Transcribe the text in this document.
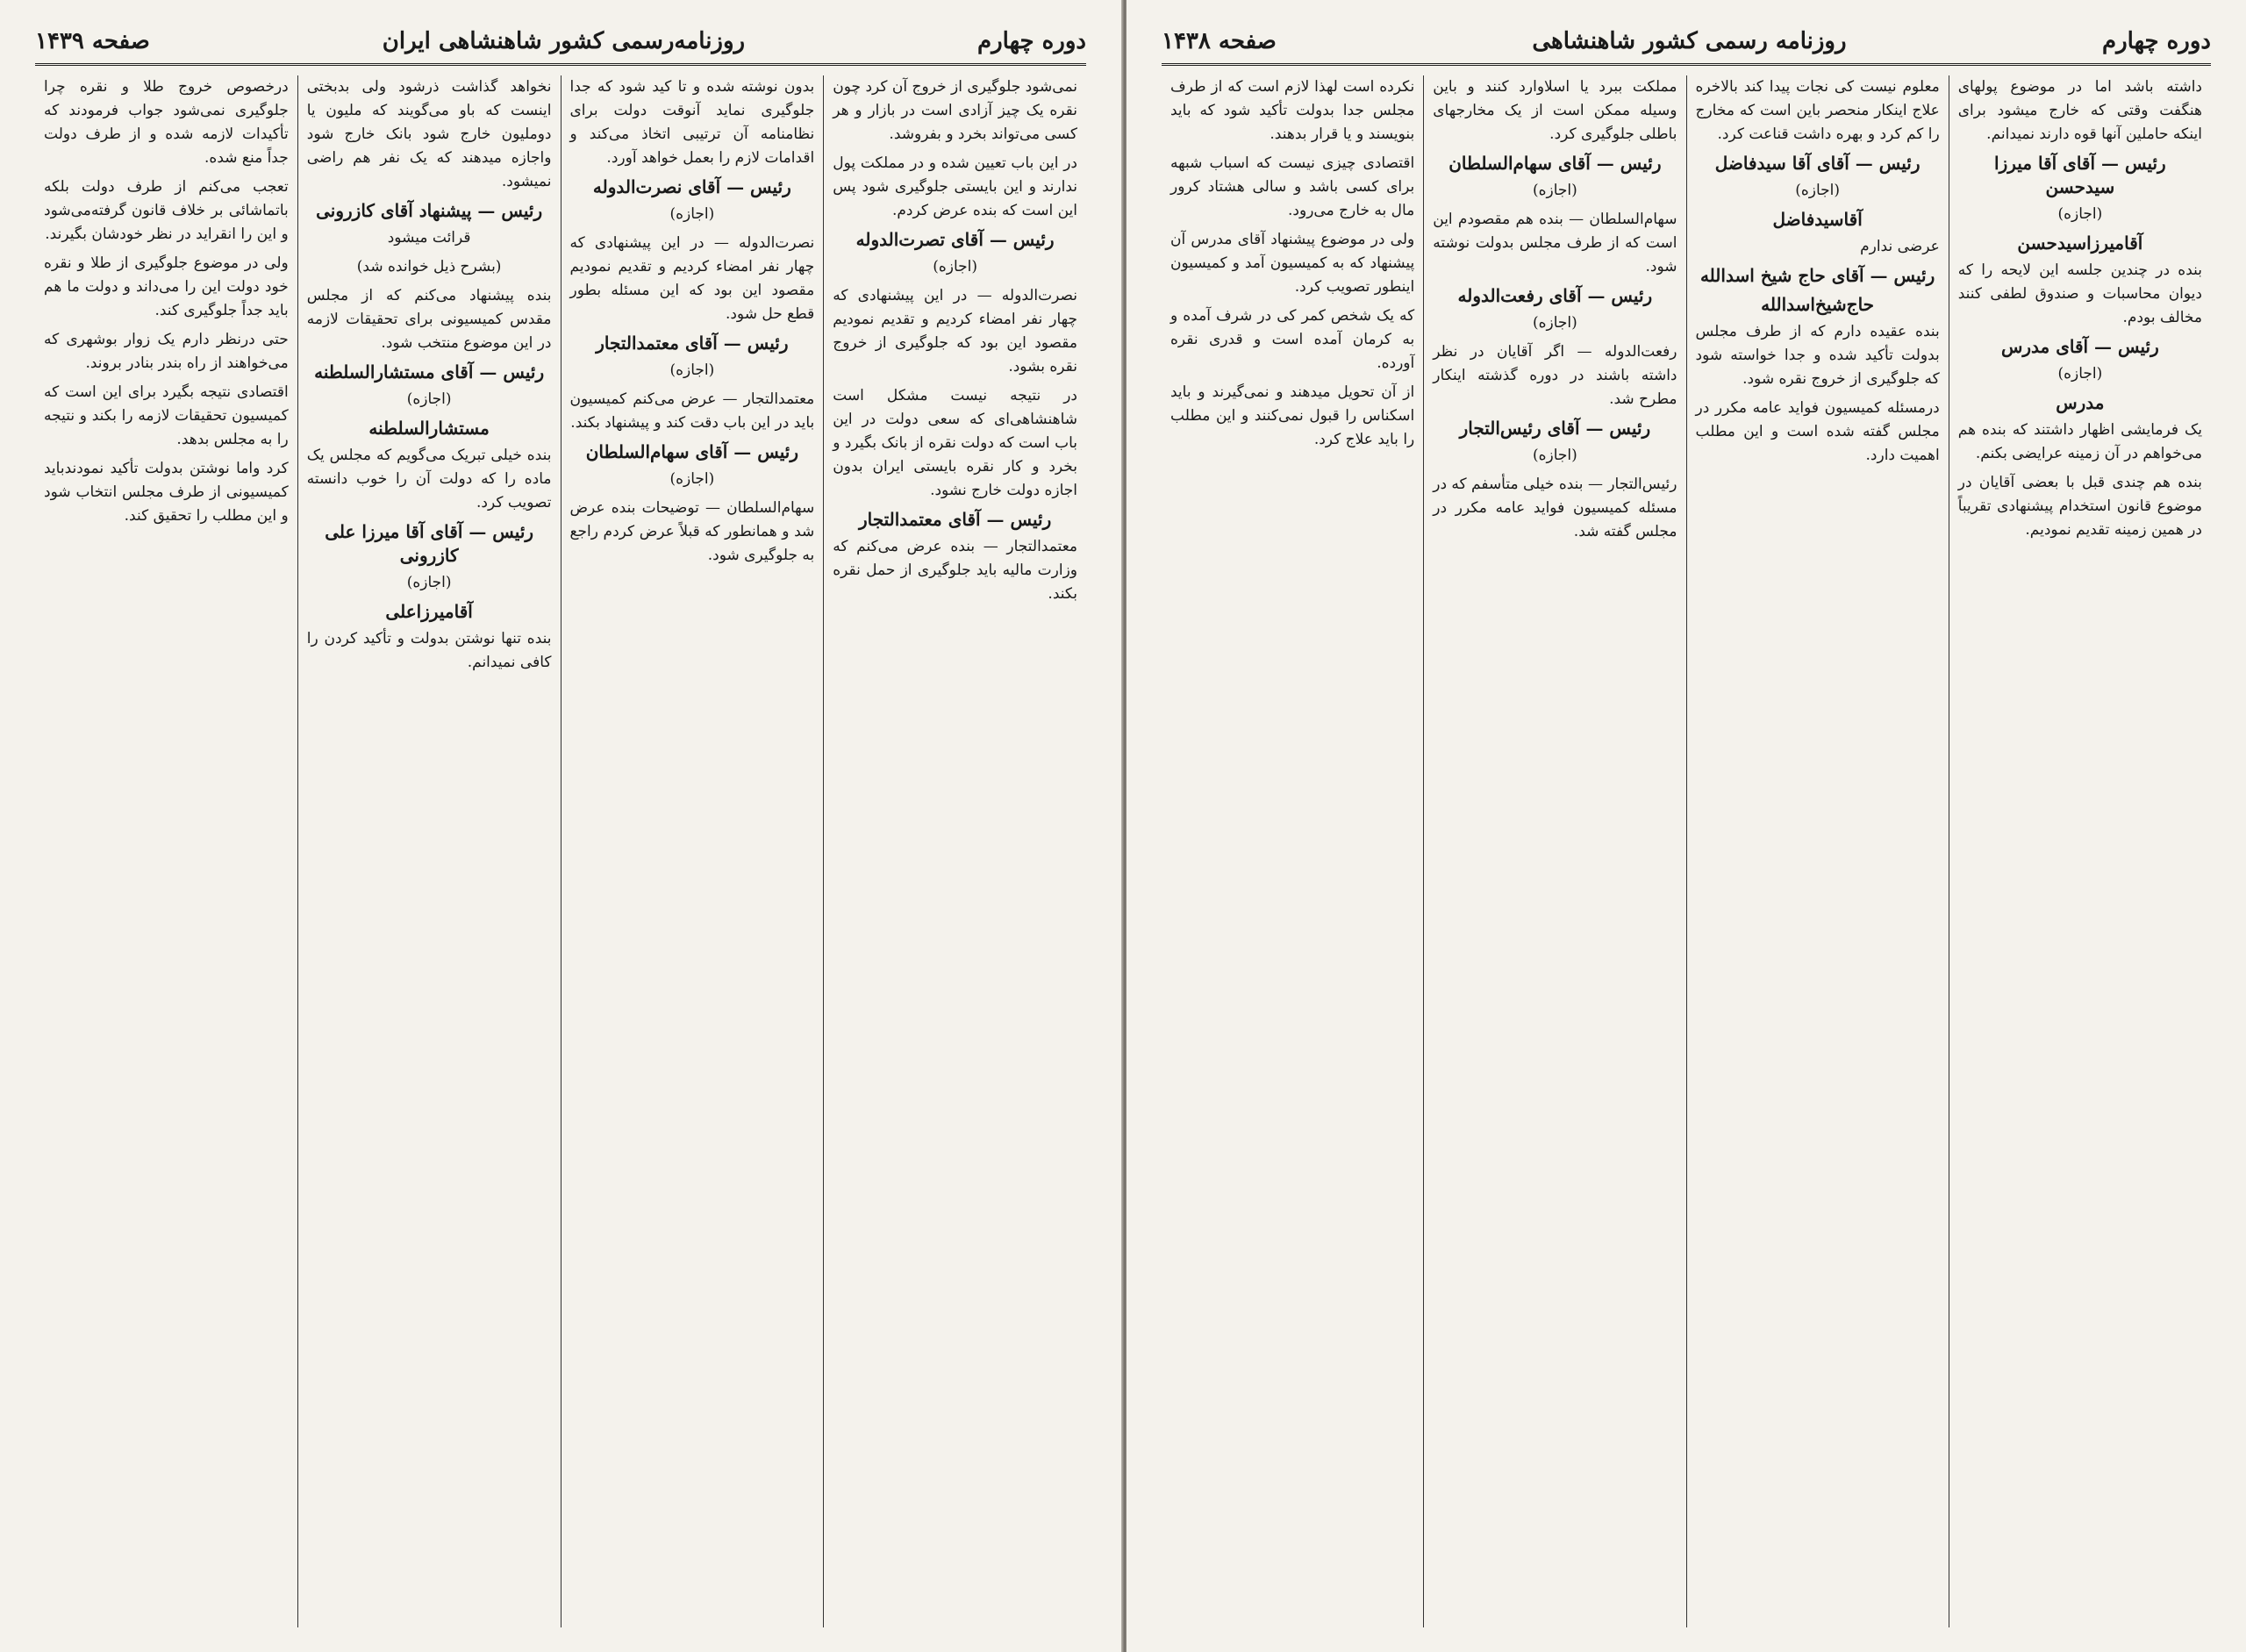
دوره چهارم
روزنامه‌رسمی کشور شاهنشاهی ایران
صفحه ۱۴۳۹

نمی‌شود جلوگیری از خروج آن کرد چون نقره یک چیز آزادی است در بازار و هر کسی می‌تواند بخرد و بفروشد.

در این باب تعیین شده و در مملکت پول ندارند و این بایستی جلوگیری شود پس این است که بنده عرض کردم.

رئیس — آقای تصرت‌الدوله
(اجازه)

نصرت‌الدوله — در این پیشنهادی که چهار نفر امضاء کردیم و تقدیم نمودیم مقصود این بود که جلوگیری از خروج نقره بشود.

در نتیجه نیست مشکل است شاهنشاهی‌ای که سعی دولت در این باب است که دولت نقره از بانک بگیرد و بخرد و کار نقره بایستی ایران بدون اجازه دولت خارج نشود.

رئیس — آقای معتمدالتجار

معتمدالتجار — بنده عرض می‌کنم که وزارت مالیه باید جلوگیری از حمل نقره بکند.

بدون نوشته شده و تا کید شود که جدا جلوگیری نماید آنوقت دولت برای نظامنامه آن ترتیبی اتخاذ می‌کند و اقدامات لازم را بعمل خواهد آورد.

رئیس — آقای نصرت‌الدوله
(اجازه)

نصرت‌الدوله — در این پیشنهادی که چهار نفر امضاء کردیم و تقدیم نمودیم مقصود این بود که این مسئله بطور قطع حل شود.

رئیس — آقای معتمدالتجار
(اجازه)

معتمدالتجار — عرض می‌کنم کمیسیون باید در این باب دقت کند و پیشنهاد بکند.

رئیس — آقای سهام‌السلطان
(اجازه)

سهام‌السلطان — توضیحات بنده عرض شد و همانطور که قبلاً عرض کردم راجع به جلوگیری شود.

نخواهد گذاشت ذرشود ولی بدبختی اینست که باو می‌گویند که ملیون یا دوملیون خارج شود بانک خارج شود واجازه میدهند که یک نفر هم راضی نمیشود.

رئیس — پیشنهاد آقای کازرونی
قرائت میشود
(بشرح ذیل خوانده شد)

بنده پیشنهاد می‌کنم که از مجلس مقدس کمیسیونی برای تحقیقات لازمه در این موضوع منتخب شود.

رئیس — آقای مستشارالسلطنه
(اجازه)
مستشارالسلطنه

بنده خیلی تبریک می‌گویم که مجلس یک ماده را که دولت آن را خوب دانسته تصویب کرد.

رئیس — آقای آقا میرزا علی کازرونی
(اجازه)
آقامیرزاعلی

بنده تنها نوشتن بدولت و تأکید کردن را کافی نمیدانم.

درخصوص خروج طلا و نقره چرا جلوگیری نمی‌شود جواب فرمودند که تأکیدات لازمه شده و از طرف دولت جداً منع شده.

تعجب می‌کنم از طرف دولت بلکه باتماشائی بر خلاف قانون گرفته‌می‌شود و این را انقراید در نظر خود‌شان بگیرند.

ولی در موضوع جلوگیری از طلا و نقره خود دولت این را می‌داند و دولت ما هم باید جداً جلوگیری کند.

حتی درنظر دارم یک زوار بوشهری که می‌خواهند از راه بندر بنادر بروند.

اقتصادی نتیجه بگیرد برای این است که کمیسیون تحقیقات لازمه را بکند و نتیجه را به مجلس بدهد.

کرد واما نوشتن بدولت تأکید نمودندباید کمیسیونی از طرف مجلس انتخاب شود و این مطلب را تحقیق کند.

دوره چهارم
روزنامه رسمی کشور شاهنشاهی
صفحه ۱۴۳۸

داشته باشد اما در موضوع پولهای هنگفت وقتی که خارج میشود برای اینکه حاملین آنها قوه دارند نمیدانم.

رئیس — آقای آقا میرزا سیدحسن
(اجازه)
آقامیرزاسیدحسن

بنده در چندین جلسه این لایحه را که دیوان محاسبات و صندوق لطفی کنند مخالف بودم.

رئیس — آقای مدرس
(اجازه)
مدرس

یک فرمایشی اظهار داشتند که بنده هم می‌خواهم در آن زمینه عرایضی بکنم.

بنده هم چندی قبل با بعضی آقایان در موضوع قانون استخدام پیشنهادی تقریباً در همین زمینه تقدیم نمودیم.

معلوم نیست کی نجات پیدا کند بالاخره علاج اینکار منحصر باین است که مخارج را کم کرد و بهره داشت قناعت کرد.

رئیس — آقای آقا سیدفاضل
(اجازه)
آقاسیدفاضل

عرضی ندارم

رئیس — آقای حاج شیخ اسدالله
حاج‌شیخ‌اسدالله

بنده عقیده دارم که از طرف مجلس بدولت تأکید شده و جدا خواسته شود که جلوگیری از خروج نقره شود.

درمسئله کمیسیون فواید عامه مکرر در مجلس گفته شده است و این مطلب اهمیت دارد.

مملکت ببرد یا اسلاوارد کنند و باین وسیله ممکن است از یک مخارجهای باطلی جلوگیری کرد.

رئیس — آقای سهام‌السلطان
(اجازه)

سهام‌السلطان — بنده هم مقصودم این است که از طرف مجلس بدولت نوشته شود.

رئیس — آقای رفعت‌الدوله
(اجازه)

رفعت‌الدوله — اگر آقایان در نظر داشته باشند در دوره گذشته اینکار مطرح شد.

رئیس — آقای رئیس‌التجار
(اجازه)

رئیس‌التجار — بنده خیلی متأسفم که در مسئله کمیسیون فواید عامه مکرر در مجلس گفته شد.

نکرده است لهذا لازم است که از طرف مجلس جدا بدولت تأکید شود که باید بنویسند و یا قرار بدهند.

اقتصادی چیزی نیست که اسباب شبهه برای کسی باشد و سالی هشتاد کرور مال به خارج می‌رود.

ولی در موضوع پیشنهاد آقای مدرس آن پیشنهاد که به کمیسیون آمد و کمیسیون اینطور تصویب کرد.

که یک شخص کمر کی در شرف آمده و به کرمان آمده است و قدری نقره آورده.

از آن تحویل میدهند و نمی‌گیرند و باید اسکناس را قبول نمی‌کنند و این مطلب را باید علاج کرد.
